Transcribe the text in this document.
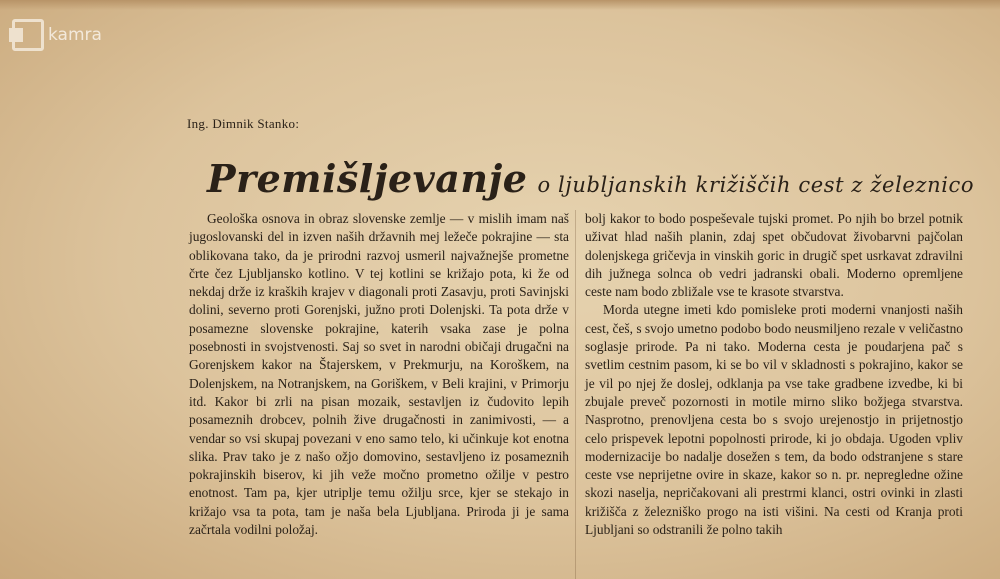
kamra
Ing. Dimnik Stanko:
Premišljevanje o ljubljanskih križiščih cest z železnico

Geološka osnova in obraz slovenske zemlje — v mislih imam naš jugoslovanski del in izven naših državnih mej ležeče pokrajine — sta oblikovana tako, da je prirodni razvoj usmeril najvažnejše prometne črte čez Ljubljansko kotlino. V tej kotlini se križajo pota, ki že od nekdaj drže iz kraških krajev v diagonali proti Zasavju, proti Savinjski dolini, severno proti Gorenjski, južno proti Dolenjski. Ta pota drže v posamezne slovenske pokrajine, katerih vsaka zase je polna posebnosti in svojstvenosti. Saj so svet in narodni običaji drugačni na Gorenjskem kakor na Štajerskem, v Prekmurju, na Koroškem, na Dolenjskem, na Notranjskem, na Goriškem, v Beli krajini, v Primorju itd. Kakor bi zrli na pisan mozaik, sestavljen iz čudovito lepih posameznih drobcev, polnih žive drugačnosti in zanimivosti, — a vendar so vsi skupaj povezani v eno samo telo, ki učinkuje kot enotna slika. Prav tako je z našo ožjo domovino, sestavljeno iz posameznih pokrajinskih biserov, ki jih veže močno prometno ožilje v pestro enotnost. Tam pa, kjer utriplje temu ožilju srce, kjer se stekajo in križajo vsa ta pota, tam je naša bela Ljubljana. Priroda ji je sama začrtala vodilni položaj.

bolj kakor to bodo pospeševale tujski promet. Po njih bo brzel potnik uživat hlad naših planin, zdaj spet občudovat živobarvni pajčolan dolenjskega gričevja in vinskih goric in drugič spet usrkavat zdravilni dih južnega solnca ob vedri jadranski obali. Moderno opremljene ceste nam bodo zbližale vse te krasote stvarstva.

Morda utegne imeti kdo pomisleke proti moderni vnanjosti naših cest, češ, s svojo umetno podobo bodo neusmiljeno rezale v veličastno soglasje prirode. Pa ni tako. Moderna cesta je poudarjena pač s svetlim cestnim pasom, ki se bo vil v skladnosti s pokrajino, kakor se je vil po njej že doslej, odklanja pa vse take gradbene izvedbe, ki bi zbujale preveč pozornosti in motile mirno sliko božjega stvarstva. Nasprotno, prenovljena cesta bo s svojo urejenostjo in prijetnostjo celo prispevek lepotni popolnosti prirode, ki jo obdaja. Ugoden vpliv modernizacije bo nadalje dosežen s tem, da bodo odstranjene s stare ceste vse neprijetne ovire in skaze, kakor so n. pr. nepregledne ožine skozi naselja, nepričakovani ali prestrmi klanci, ostri ovinki in zlasti križišča z železniško progo na isti višini. Na cesti od Kranja proti Ljubljani so odstranili že polno takih
